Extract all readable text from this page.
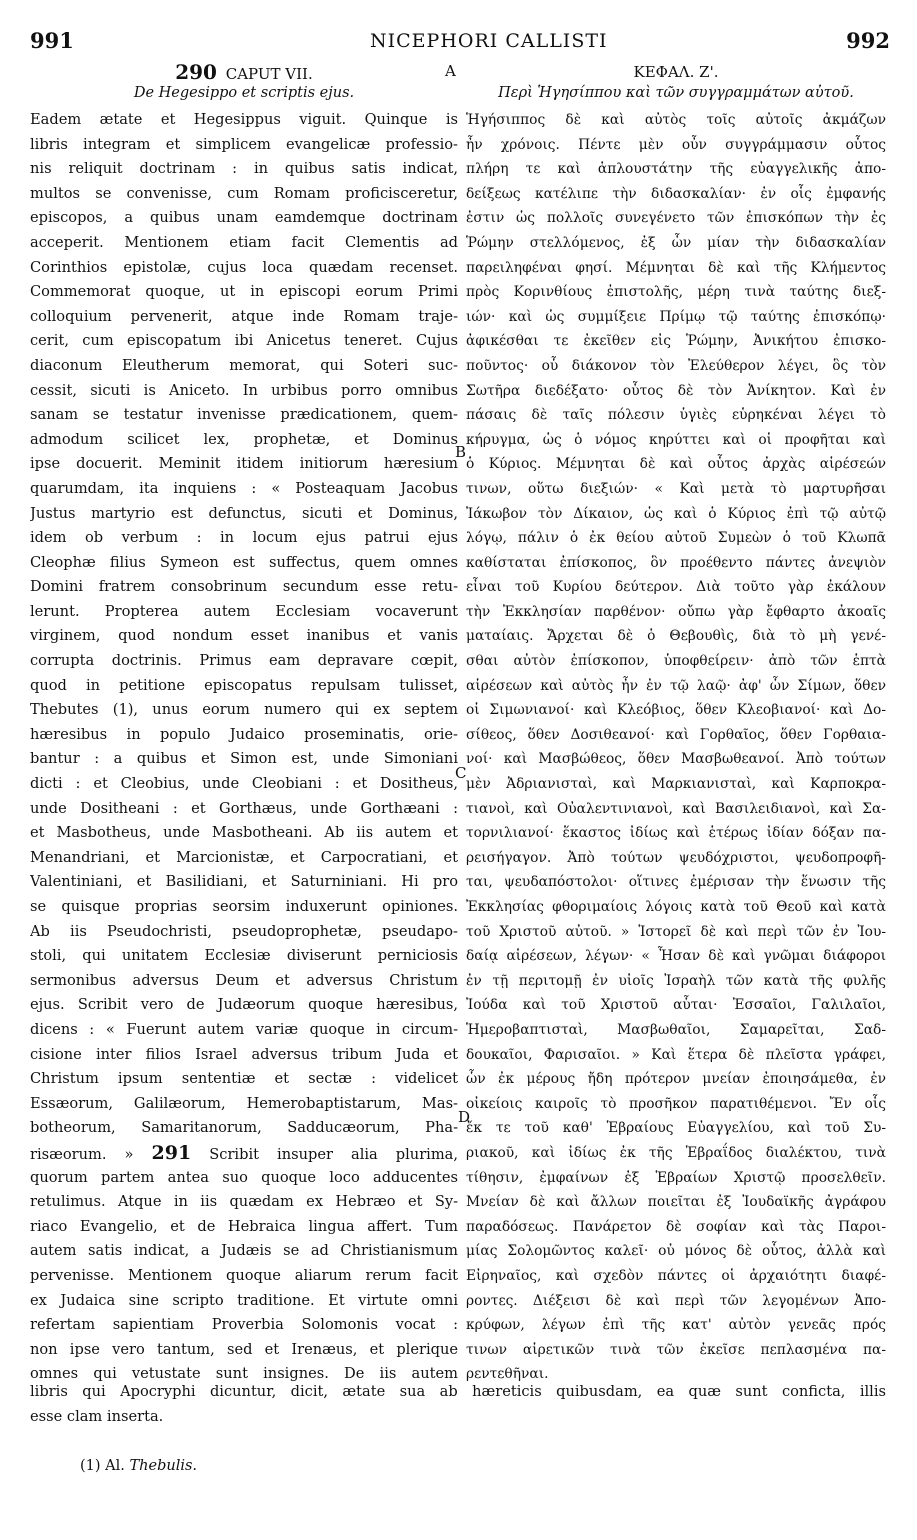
991	NICEPHORI CALLISTI	992
290 CAPUT VII.
De Hegesippo et scriptis ejus.
Eadem ætate et Hegesippus viguit. Quinque is
libris integram et simplicem evangelicæ professio-
nis reliquit doctrinam : in quibus satis indicat,
multos se convenisse, cum Romam proficisceretur,
episcopos, a quibus unam eamdemque doctrinam
acceperit. Mentionem etiam facit Clementis ad
Corinthios epistolæ, cujus loca quædam recenset.
Commemorat quoque, ut in episcopi eorum Primi
colloquium pervenerit, atque inde Romam traje-
cerit, cum episcopatum ibi Anicetus teneret. Cujus
diaconum Eleutherum memorat, qui Soteri suc-
cessit, sicuti is Aniceto. In urbibus porro omnibus
sanam se testatur invenisse prædicationem, quem-
admodum scilicet lex, prophetæ, et Dominus
ipse docuerit. Meminit itidem initiorum hæresium
quarumdam, ita inquiens : « Posteaquam Jacobus
Justus martyrio est defunctus, sicuti et Dominus,
idem ob verbum : in locum ejus patrui ejus
Cleophæ filius Symeon est suffectus, quem omnes
Domini fratrem consobrinum secundum esse retu-
lerunt. Propterea autem Ecclesiam vocaverunt
virginem, quod nondum esset inanibus et vanis
corrupta doctrinis. Primus eam depravare cœpit,
quod in petitione episcopatus repulsam tulisset,
Thebutes (1), unus eorum numero qui ex septem
hæresibus in populo Judaico proseminatis, orie-
bantur : a quibus et Simon est, unde Simoniani
dicti : et Cleobius, unde Cleobiani : et Dositheus,
unde Dositheani : et Gorthæus, unde Gorthæani :
et Masbotheus, unde Masbotheani. Ab iis autem et
Menandriani, et Marcionistæ, et Carpocratiani, et
Valentiniani, et Basilidiani, et Saturniniani. Hi pro
se quisque proprias seorsim induxerunt opiniones.
Ab iis Pseudochristi, pseudoprophetæ, pseudapo-
stoli, qui unitatem Ecclesiæ diviserunt perniciosis
sermonibus adversus Deum et adversus Christum
ejus. Scribit vero de Judæorum quoque hæresibus,
dicens : « Fuerunt autem variæ quoque in circum-
cisione inter filios Israel adversus tribum Juda et
Christum ipsum sententiæ et sectæ : videlicet
Essæorum, Galilæorum, Hemerobaptistarum, Mas-
botheorum, Samaritanorum, Sadducæorum, Pha-
risæorum. » 291 Scribit insuper alia plurima,
quorum partem antea suo quoque loco adducentes
retulimus. Atque in iis quædam ex Hebræo et Sy-
riaco Evangelio, et de Hebraica lingua affert. Tum
autem satis indicat, a Judæis se ad Christianismum
pervenisse. Mentionem quoque aliarum rerum facit
ex Judaica sine scripto traditione. Et virtute omni
refertam sapientiam Proverbia Solomonis vocat :
non ipse vero tantum, sed et Irenæus, et plerique
omnes qui vetustate sunt insignes. De iis autem
ΚΕΦΑΛ. Ζ'.
Περὶ Ἡγησίππου καὶ τῶν συγγραμμάτων αὐτοῦ.
Ἡγήσιππος δὲ καὶ αὐτὸς τοῖς αὐτοῖς ἀκμάζων
ἦν χρόνοις. Πέντε μὲν οὖν συγγράμμασιν οὗτος
πλήρη τε καὶ ἁπλουστάτην τῆς εὐαγγελικῆς ἀπο-
δείξεως κατέλιπε τὴν διδασκαλίαν· ἐν οἷς ἐμφανής
ἐστιν ὡς πολλοῖς συνεγένετο τῶν ἐπισκόπων τὴν ἐς
Ῥώμην στελλόμενος, ἐξ ὧν μίαν τὴν διδασκαλίαν
παρειληφέναι φησί. Μέμνηται δὲ καὶ τῆς Κλήμεντος
πρὸς Κορινθίους ἐπιστολῆς, μέρη τινὰ ταύτης διεξ-
ιών· καὶ ὡς συμμίξειε Πρίμῳ τῷ ταύτης ἐπισκόπῳ·
ἀφικέσθαι τε ἐκεῖθεν εἰς Ῥώμην, Ἀνικήτου ἐπισκο-
ποῦντος· οὗ διάκονον τὸν Ἐλεύθερον λέγει, ὃς τὸν
Σωτῆρα διεδέξατο· οὗτος δὲ τὸν Ἀνίκητον. Καὶ ἐν
πάσαις δὲ ταῖς πόλεσιν ὑγιὲς εὑρηκέναι λέγει τὸ
κήρυγμα, ὡς ὁ νόμος κηρύττει καὶ οἱ προφῆται καὶ
ὁ Κύριος. Μέμνηται δὲ καὶ οὗτος ἀρχὰς αἱρέσεών
τινων, οὕτω διεξιών· « Καὶ μετὰ τὸ μαρτυρῆσαι
Ἰάκωβον τὸν Δίκαιον, ὡς καὶ ὁ Κύριος ἐπὶ τῷ αὐτῷ
λόγῳ, πάλιν ὁ ἐκ θείου αὐτοῦ Συμεὼν ὁ τοῦ Κλωπᾶ
καθίσταται ἐπίσκοπος, ὃν προέθεντο πάντες ἀνεψιὸν
εἶναι τοῦ Κυρίου δεύτερον. Διὰ τοῦτο γὰρ ἐκάλουν
τὴν Ἐκκλησίαν παρθένον· οὔπω γὰρ ἔφθαρτο ἀκοαῖς
ματαίαις. Ἄρχεται δὲ ὁ Θεβουθὶς, διὰ τὸ μὴ γενέ-
σθαι αὐτὸν ἐπίσκοπον, ὑποφθείρειν· ἀπὸ τῶν ἑπτὰ
αἱρέσεων καὶ αὐτὸς ἦν ἐν τῷ λαῷ· ἀφ' ὧν Σίμων, ὅθεν
οἱ Σιμωνιανοί· καὶ Κλεόβιος, ὅθεν Κλεοβιανοί· καὶ Δο-
σίθεος, ὅθεν Δοσιθεανοί· καὶ Γορθαῖος, ὅθεν Γορθαια-
νοί· καὶ Μασβώθεος, ὅθεν Μασβωθεανοί. Ἀπὸ τούτων
μὲν Ἀδριανισταὶ, καὶ Μαρκιανισταὶ, καὶ Καρποκρα-
τιανοὶ, καὶ Οὐαλεντινιανοὶ, καὶ Βασιλειδιανοὶ, καὶ Σα-
τορνιλιανοί· ἕκαστος ἰδίως καὶ ἑτέρως ἰδίαν δόξαν πα-
ρεισήγαγον. Ἀπὸ τούτων ψευδόχριστοι, ψευδοπροφῆ-
ται, ψευδαπόστολοι· οἵτινες ἐμέρισαν τὴν ἕνωσιν τῆς
Ἐκκλησίας φθοριμαίοις λόγοις κατὰ τοῦ Θεοῦ καὶ κατὰ
τοῦ Χριστοῦ αὐτοῦ. » Ἱστορεῖ δὲ καὶ περὶ τῶν ἐν Ἰου-
δαίᾳ αἱρέσεων, λέγων· « Ἦσαν δὲ καὶ γνῶμαι διάφοροι
ἐν τῇ περιτομῇ ἐν υἱοῖς Ἰσραὴλ τῶν κατὰ τῆς φυλῆς
Ἰούδα καὶ τοῦ Χριστοῦ αὗται· Ἐσσαῖοι, Γαλιλαῖοι,
Ἡμεροβαπτισταὶ, Μασβωθαῖοι, Σαμαρεῖται, Σαδ-
δουκαῖοι, Φαρισαῖοι. » Καὶ ἕτερα δὲ πλεῖστα γράφει,
ὧν ἐκ μέρους ἤδη πρότερον μνείαν ἐποιησάμεθα, ἐν
οἰκείοις καιροῖς τὸ προσῆκον παρατιθέμενοι. Ἔν οἷς
ἔκ τε τοῦ καθ' Ἑβραίους Εὐαγγελίου, καὶ τοῦ Συ-
ριακοῦ, καὶ ἰδίως ἐκ τῆς Ἑβραΐδος διαλέκτου, τινὰ
τίθησιν, ἐμφαίνων ἐξ Ἑβραίων Χριστῷ προσελθεῖν.
Μνείαν δὲ καὶ ἄλλων ποιεῖται ἐξ Ἰουδαϊκῆς ἀγράφου
παραδόσεως. Πανάρετον δὲ σοφίαν καὶ τὰς Παροι-
μίας Σολομῶντος καλεῖ· οὐ μόνος δὲ οὗτος, ἀλλὰ καὶ
Εἰρηναῖος, καὶ σχεδὸν πάντες οἱ ἀρχαιότητι διαφέ-
ροντες. Διέξεισι δὲ καὶ περὶ τῶν λεγομένων Ἀπο-
κρύφων, λέγων ἐπὶ τῆς κατ' αὐτὸν γενεᾶς πρός
τινων αἱρετικῶν τινὰ τῶν ἐκεῖσε πεπλασμένα πα-
ρεντεθῆναι.
A
B
C
D
libris qui Apocryphi dicuntur, dicit, ætate sua ab hæreticis quibusdam, ea quæ sunt conficta, illis
esse clam inserta.
(1) Al. Thebulis.
